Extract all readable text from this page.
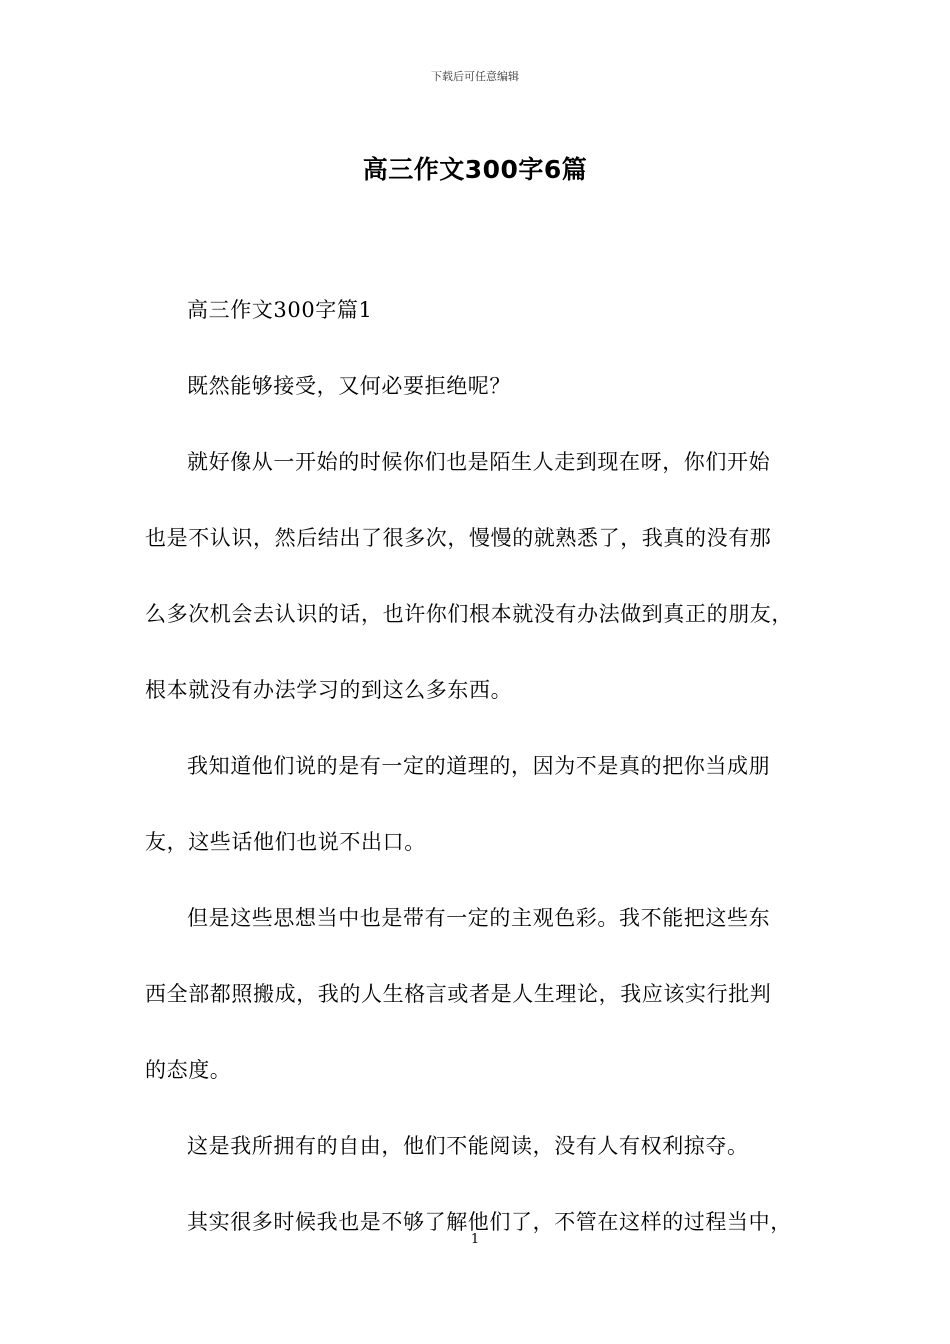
下载后可任意编辑
高三作文300字6篇

高三作文300字篇1

既然能够接受，又何必要拒绝呢？

就好像从一开始的时候你们也是陌生人走到现在呀，你们开始
也是不认识，然后结出了很多次，慢慢的就熟悉了，我真的没有那
么多次机会去认识的话，也许你们根本就没有办法做到真正的朋友，
根本就没有办法学习的到这么多东西。

我知道他们说的是有一定的道理的，因为不是真的把你当成朋
友，这些话他们也说不出口。

但是这些思想当中也是带有一定的主观色彩。我不能把这些东
西全部都照搬成，我的人生格言或者是人生理论，我应该实行批判
的态度。

这是我所拥有的自由，他们不能阅读，没有人有权利掠夺。

其实很多时候我也是不够了解他们了，不管在这样的过程当中，

1
